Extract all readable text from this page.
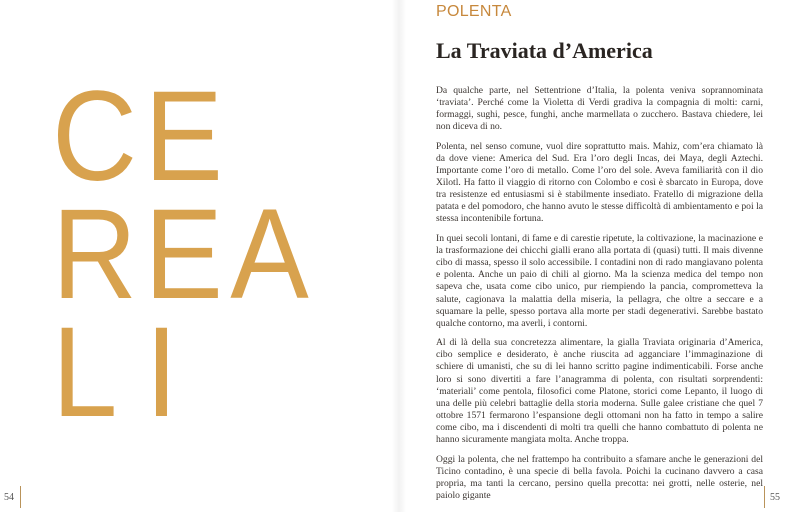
CE
REA
LI
54
POLENTA
La Traviata d’America

Da qualche parte, nel Settentrione d’Italia, la polenta veniva soprannominata ‘traviata’. Perché come la Violetta di Verdi gradiva la compagnia di molti: carni, formaggi, sughi, pesce, funghi, anche marmellata o zucchero. Bastava chiedere, lei non diceva di no.

Polenta, nel senso comune, vuol dire soprattutto mais. Mahiz, com’era chiamato là da dove viene: America del Sud. Era l’oro degli Incas, dei Maya, degli Aztechi. Importante come l’oro di metallo. Come l’oro del sole. Aveva familiarità con il dio Xilotl. Ha fatto il viaggio di ritorno con Colombo e così è sbarcato in Europa, dove tra resistenze ed entusiasmi si è stabilmente insediato. Fratello di migrazione della patata e del pomodoro, che hanno avuto le stesse difficoltà di ambientamento e poi la stessa incontenibile fortuna.

In quei secoli lontani, di fame e di carestie ripetute, la coltivazione, la macinazione e la trasformazione dei chicchi gialli erano alla portata di (quasi) tutti. Il mais divenne cibo di massa, spesso il solo accessibile. I contadini non di rado mangiavano polenta e polenta. Anche un paio di chili al giorno. Ma la scienza medica del tempo non sapeva che, usata come cibo unico, pur riempiendo la pancia, comprometteva la salute, cagionava la malattia della miseria, la pellagra, che oltre a seccare e a squamare la pelle, spesso portava alla morte per stadi degenerativi. Sarebbe bastato qualche contorno, ma averli, i contorni.

Al di là della sua concretezza alimentare, la gialla Traviata originaria d’America, cibo semplice e desiderato, è anche riuscita ad agganciare l’immaginazione di schiere di umanisti, che su di lei hanno scritto pagine indimenticabili. Forse anche loro si sono divertiti a fare l’anagramma di polenta, con risultati sorprendenti: ‘materiali’ come pentola, filosofici come Platone, storici come Lepanto, il luogo di una delle più celebri battaglie della storia moderna. Sulle galee cristiane che quel 7 ottobre 1571 fermarono l’espansione degli ottomani non ha fatto in tempo a salire come cibo, ma i discendenti di molti tra quelli che hanno combattuto di polenta ne hanno sicuramente mangiata molta. Anche troppa.

Oggi la polenta, che nel frattempo ha contribuito a sfamare anche le generazioni del Ticino contadino, è una specie di bella favola. Poichi la cucinano davvero a casa propria, ma tanti la cercano, persino quella precotta: nei grotti, nelle osterie, nel paiolo gigante	55
